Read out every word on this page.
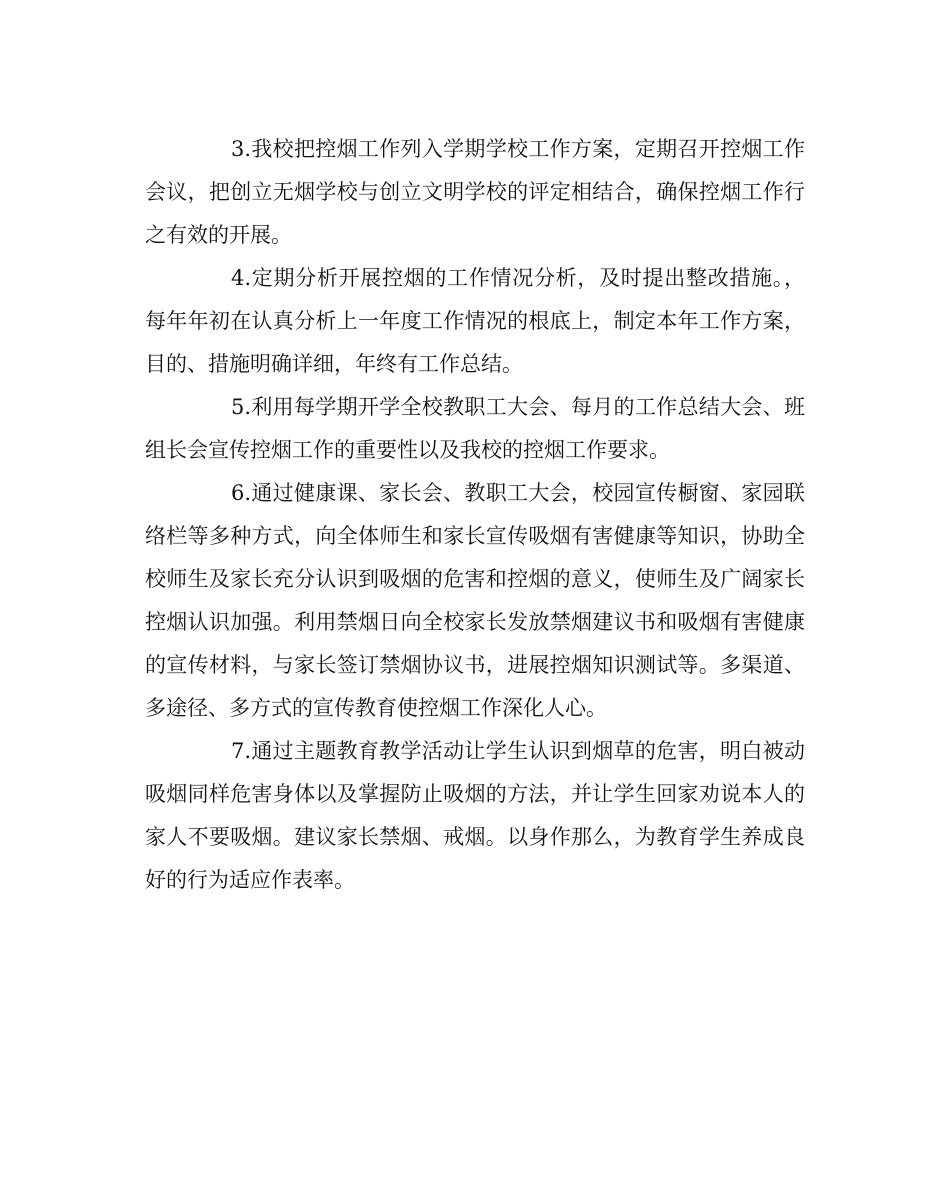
3.我校把控烟工作列入学期学校工作方案，定期召开控烟工作会议，把创立无烟学校与创立文明学校的评定相结合，确保控烟工作行之有效的开展。

4.定期分析开展控烟的工作情况分析，及时提出整改措施。，每年年初在认真分析上一年度工作情况的根底上，制定本年工作方案，目的、措施明确详细，年终有工作总结。

5.利用每学期开学全校教职工大会、每月的工作总结大会、班组长会宣传控烟工作的重要性以及我校的控烟工作要求。

6.通过健康课、家长会、教职工大会，校园宣传橱窗、家园联络栏等多种方式，向全体师生和家长宣传吸烟有害健康等知识，协助全校师生及家长充分认识到吸烟的危害和控烟的意义，使师生及广阔家长控烟认识加强。利用禁烟日向全校家长发放禁烟建议书和吸烟有害健康的宣传材料，与家长签订禁烟协议书，进展控烟知识测试等。多渠道、多途径、多方式的宣传教育使控烟工作深化人心。

7.通过主题教育教学活动让学生认识到烟草的危害，明白被动吸烟同样危害身体以及掌握防止吸烟的方法，并让学生回家劝说本人的家人不要吸烟。建议家长禁烟、戒烟。以身作那么，为教育学生养成良好的行为适应作表率。
